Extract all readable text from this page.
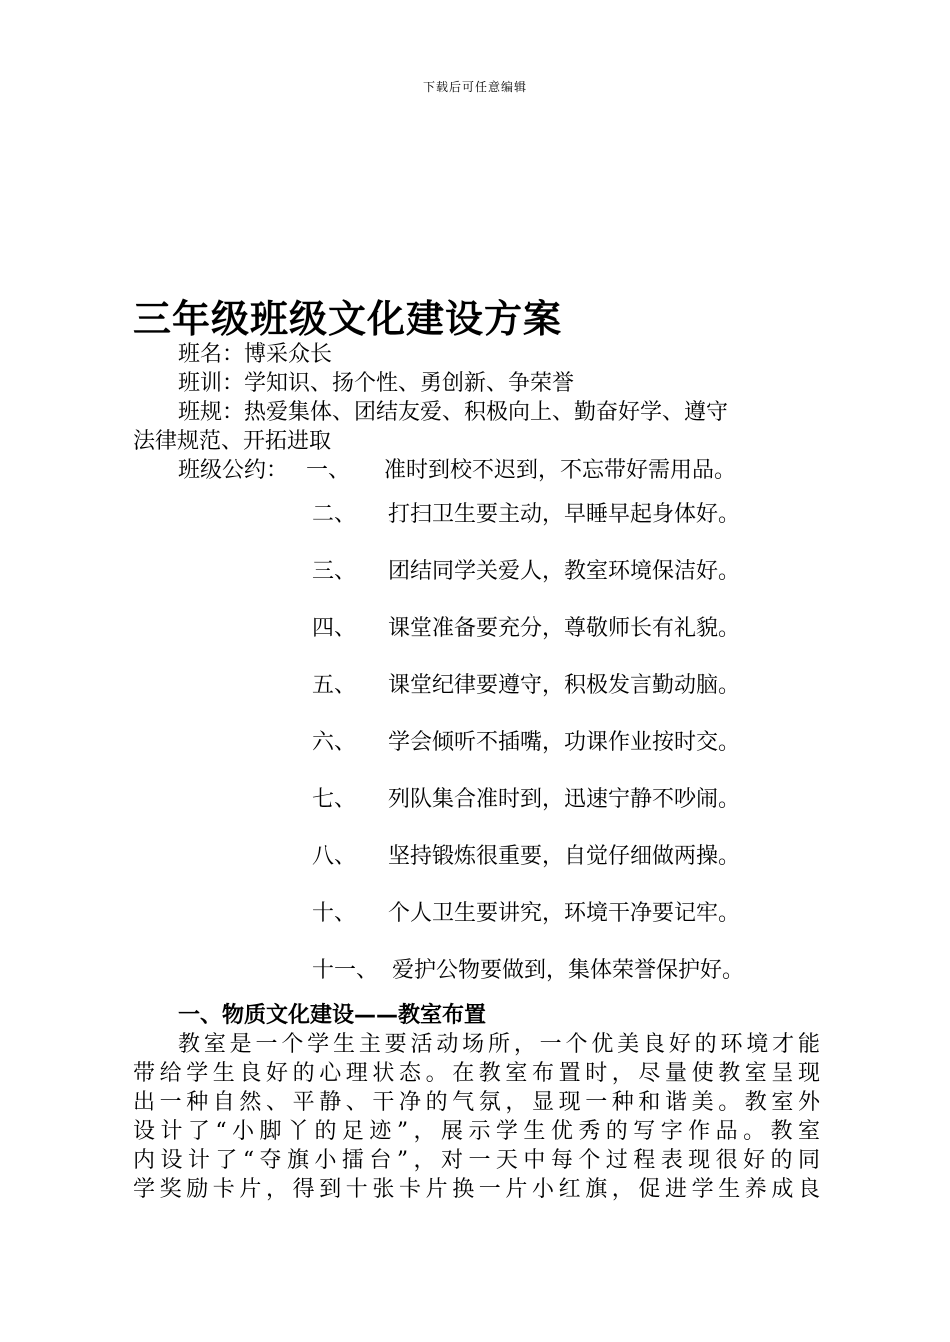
下载后可任意编辑
三年级班级文化建设方案
班名：博采众长
班训：学知识、扬个性、勇创新、争荣誉
班规：热爱集体、团结友爱、积极向上、勤奋好学、遵守
法律规范、开拓进取
班级公约： 一、 准时到校不迟到，不忘带好需用品。
二、 打扫卫生要主动，早睡早起身体好。
三、 团结同学关爱人，教室环境保洁好。
四、 课堂准备要充分，尊敬师长有礼貌。
五、 课堂纪律要遵守，积极发言勤动脑。
六、 学会倾听不插嘴，功课作业按时交。
七、 列队集合准时到，迅速宁静不吵闹。
八、 坚持锻炼很重要，自觉仔细做两操。
十、 个人卫生要讲究，环境干净要记牢。
十一、 爱护公物要做到，集体荣誉保护好。
一、物质文化建设——教室布置
教室是一个学生主要活动场所，一个优美良好的环境才能
带给学生良好的心理状态。在教室布置时，尽量使教室呈现
出一种自然、平静、干净的气氛，显现一种和谐美。教室外
设计了“小脚丫的足迹”，展示学生优秀的写字作品。教室
内设计了“夺旗小擂台”，对一天中每个过程表现很好的同
学奖励卡片，得到十张卡片换一片小红旗，促进学生养成良
